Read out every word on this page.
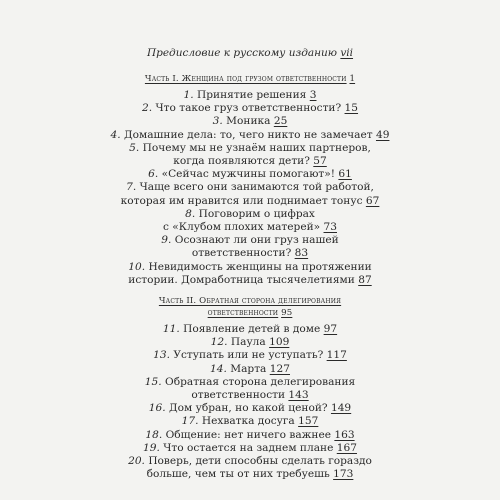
Предисловие к русскому изданию vii

Часть I. Женщина под грузом ответственности 1

1. Принятие решения 3

2. Что такое груз ответственности? 15

3. Моника 25

4. Домашние дела: то, чего никто не замечает 49

5. Почему мы не узнаём наших партнеров,

когда появляются дети? 57

6. «Сейчас мужчины помогают»! 61

7. Чаще всего они занимаются той работой,

которая им нравится или поднимает тонус 67

8. Поговорим о цифрах

с «Клубом плохих матерей» 73

9. Осознают ли они груз нашей

ответственности? 83

10. Невидимость женщины на протяжении

истории. Домработница тысячелетиями 87

Часть II. Обратная сторона делегирования
ответственности 95

11. Появление детей в доме 97

12. Паула 109

13. Уступать или не уступать? 117

14. Марта 127

15. Обратная сторона делегирования

ответственности 143

16. Дом убран, но какой ценой? 149

17. Нехватка досуга 157

18. Общение: нет ничего важнее 163

19. Что остается на заднем плане 167

20. Поверь, дети способны сделать гораздо

больше, чем ты от них требуешь 173
